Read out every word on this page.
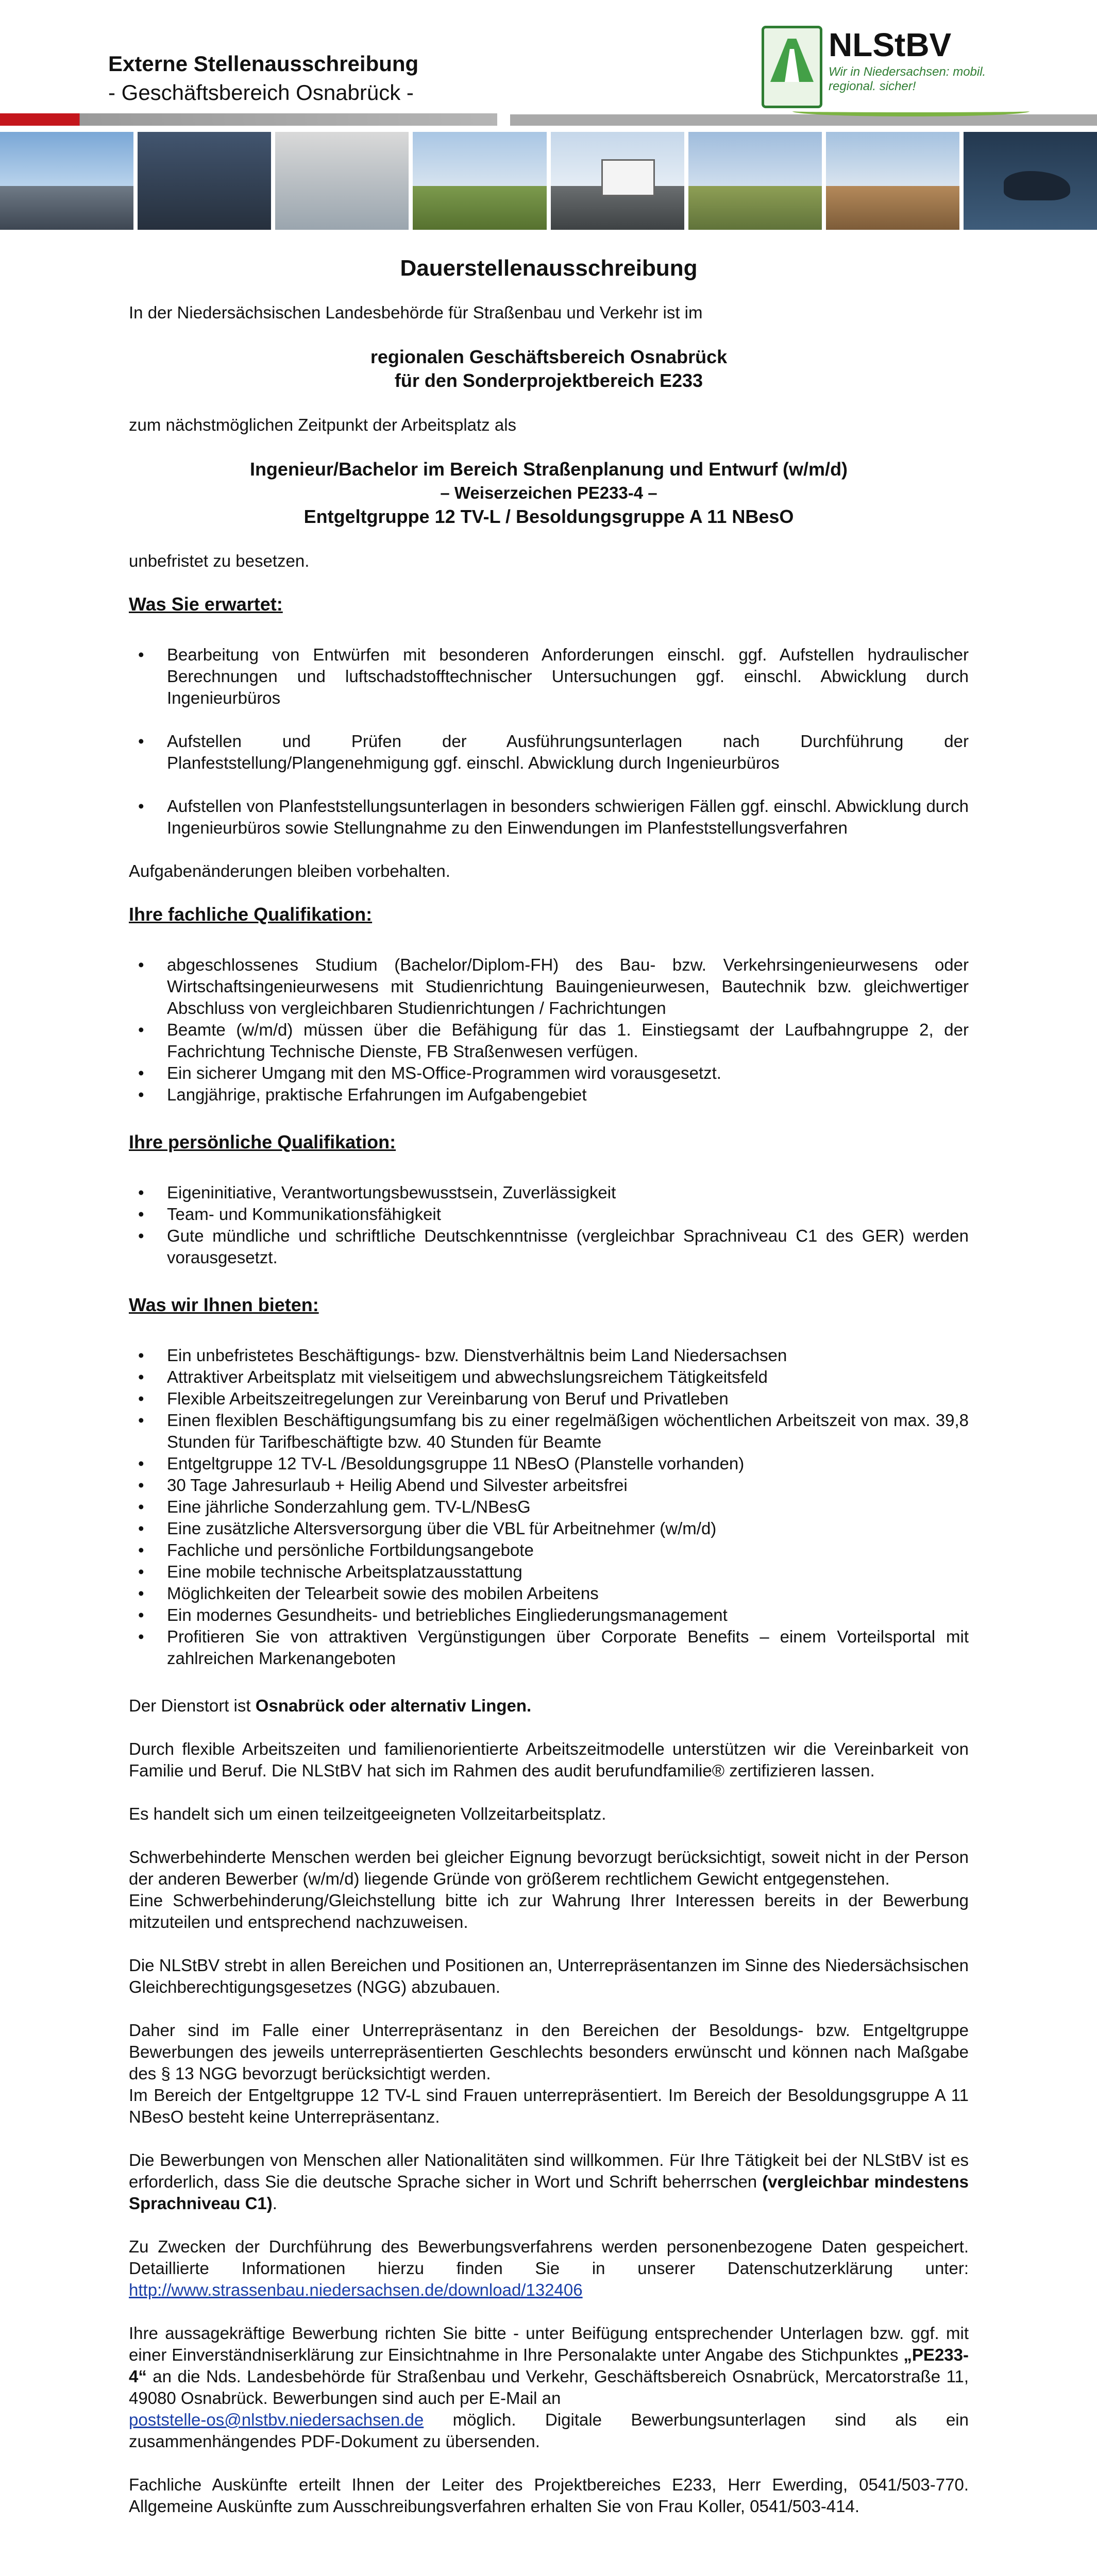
Externe Stellenausschreibung
- Geschäftsbereich Osnabrück -
NLStBV
Wir in Niedersachsen: mobil. regional. sicher!
Dauerstellenausschreibung

In der Niedersächsischen Landesbehörde für Straßenbau und Verkehr ist im

regionalen Geschäftsbereich Osnabrück
für den Sonderprojektbereich E233

zum nächstmöglichen Zeitpunkt der Arbeitsplatz als

Ingenieur/Bachelor im Bereich Straßenplanung und Entwurf (w/m/d)
– Weiserzeichen PE233-4 –
Entgeltgruppe 12 TV-L / Besoldungsgruppe A 11 NBesO

unbefristet zu besetzen.

Was Sie erwartet:
• Bearbeitung von Entwürfen mit besonderen Anforderungen einschl. ggf. Aufstellen hydraulischer Berechnungen und luftschadstofftechnischer Untersuchungen ggf. einschl. Abwicklung durch Ingenieurbüros
• Aufstellen und Prüfen der Ausführungsunterlagen nach Durchführung der Planfeststellung/Plangenehmigung ggf. einschl. Abwicklung durch Ingenieurbüros
• Aufstellen von Planfeststellungsunterlagen in besonders schwierigen Fällen ggf. einschl. Abwicklung durch Ingenieurbüros sowie Stellungnahme zu den Einwendungen im Planfeststellungsverfahren

Aufgabenänderungen bleiben vorbehalten.

Ihre fachliche Qualifikation:
• abgeschlossenes Studium (Bachelor/Diplom-FH) des Bau- bzw. Verkehrsingenieurwesens oder Wirtschaftsingenieurwesens mit Studienrichtung Bauingenieurwesen, Bautechnik bzw. gleichwertiger Abschluss von vergleichbaren Studienrichtungen / Fachrichtungen
• Beamte (w/m/d) müssen über die Befähigung für das 1. Einstiegsamt der Laufbahngruppe 2, der Fachrichtung Technische Dienste, FB Straßenwesen verfügen.
• Ein sicherer Umgang mit den MS-Office-Programmen wird vorausgesetzt.
• Langjährige, praktische Erfahrungen im Aufgabengebiet
Ihre persönliche Qualifikation:
• Eigeninitiative, Verantwortungsbewusstsein, Zuverlässigkeit
• Team- und Kommunikationsfähigkeit
• Gute mündliche und schriftliche Deutschkenntnisse (vergleichbar Sprachniveau C1 des GER) werden vorausgesetzt.
Was wir Ihnen bieten:
• Ein unbefristetes Beschäftigungs- bzw. Dienstverhältnis beim Land Niedersachsen
• Attraktiver Arbeitsplatz mit vielseitigem und abwechslungsreichem Tätigkeitsfeld
• Flexible Arbeitszeitregelungen zur Vereinbarung von Beruf und Privatleben
• Einen flexiblen Beschäftigungsumfang bis zu einer regelmäßigen wöchentlichen Arbeitszeit von max. 39,8 Stunden für Tarifbeschäftigte bzw. 40 Stunden für Beamte
• Entgeltgruppe 12 TV-L /Besoldungsgruppe 11 NBesO (Planstelle vorhanden)
• 30 Tage Jahresurlaub + Heilig Abend und Silvester arbeitsfrei
• Eine jährliche Sonderzahlung gem. TV-L/NBesG
• Eine zusätzliche Altersversorgung über die VBL für Arbeitnehmer (w/m/d)
• Fachliche und persönliche Fortbildungsangebote
• Eine mobile technische Arbeitsplatzausstattung
• Möglichkeiten der Telearbeit sowie des mobilen Arbeitens
• Ein modernes Gesundheits- und betriebliches Eingliederungsmanagement
• Profitieren Sie von attraktiven Vergünstigungen über Corporate Benefits – einem Vorteilsportal mit zahlreichen Markenangeboten

Der Dienstort ist Osnabrück oder alternativ Lingen.

Durch flexible Arbeitszeiten und familienorientierte Arbeitszeitmodelle unterstützen wir die Vereinbarkeit von Familie und Beruf. Die NLStBV hat sich im Rahmen des audit berufundfamilie® zertifizieren lassen.

Es handelt sich um einen teilzeitgeeigneten Vollzeitarbeitsplatz.

Schwerbehinderte Menschen werden bei gleicher Eignung bevorzugt berücksichtigt, soweit nicht in der Person der anderen Bewerber (w/m/d) liegende Gründe von größerem rechtlichem Gewicht entgegenstehen.

Eine Schwerbehinderung/Gleichstellung bitte ich zur Wahrung Ihrer Interessen bereits in der Bewerbung mitzuteilen und entsprechend nachzuweisen.

Die NLStBV strebt in allen Bereichen und Positionen an, Unterrepräsentanzen im Sinne des Niedersächsischen Gleichberechtigungsgesetzes (NGG) abzubauen.

Daher sind im Falle einer Unterrepräsentanz in den Bereichen der Besoldungs- bzw. Entgeltgruppe Bewerbungen des jeweils unterrepräsentierten Geschlechts besonders erwünscht und können nach Maßgabe des § 13 NGG bevorzugt berücksichtigt werden.

Im Bereich der Entgeltgruppe 12 TV-L sind Frauen unterrepräsentiert. Im Bereich der Besoldungsgruppe A 11 NBesO besteht keine Unterrepräsentanz.

Die Bewerbungen von Menschen aller Nationalitäten sind willkommen. Für Ihre Tätigkeit bei der NLStBV ist es erforderlich, dass Sie die deutsche Sprache sicher in Wort und Schrift beherrschen (vergleichbar mindestens Sprachniveau C1).

Zu Zwecken der Durchführung des Bewerbungsverfahrens werden personenbezogene Daten gespeichert. Detaillierte Informationen hierzu finden Sie in unserer Datenschutzerklärung unter: http://www.strassenbau.niedersachsen.de/download/132406

Ihre aussagekräftige Bewerbung richten Sie bitte - unter Beifügung entsprechender Unterlagen bzw. ggf. mit einer Einverständniserklärung zur Einsichtnahme in Ihre Personalakte unter Angabe des Stichpunktes „PE233-4“ an die Nds. Landesbehörde für Straßenbau und Verkehr, Geschäftsbereich Osnabrück, Mercatorstraße 11, 49080 Osnabrück. Bewerbungen sind auch per E-Mail an
poststelle-os@nlstbv.niedersachsen.de möglich. Digitale Bewerbungsunterlagen sind als ein zusammenhängendes PDF-Dokument zu übersenden.

Fachliche Auskünfte erteilt Ihnen der Leiter des Projektbereiches E233, Herr Ewerding, 0541/503-770. Allgemeine Auskünfte zum Ausschreibungsverfahren erhalten Sie von Frau Koller, 0541/503-414.
